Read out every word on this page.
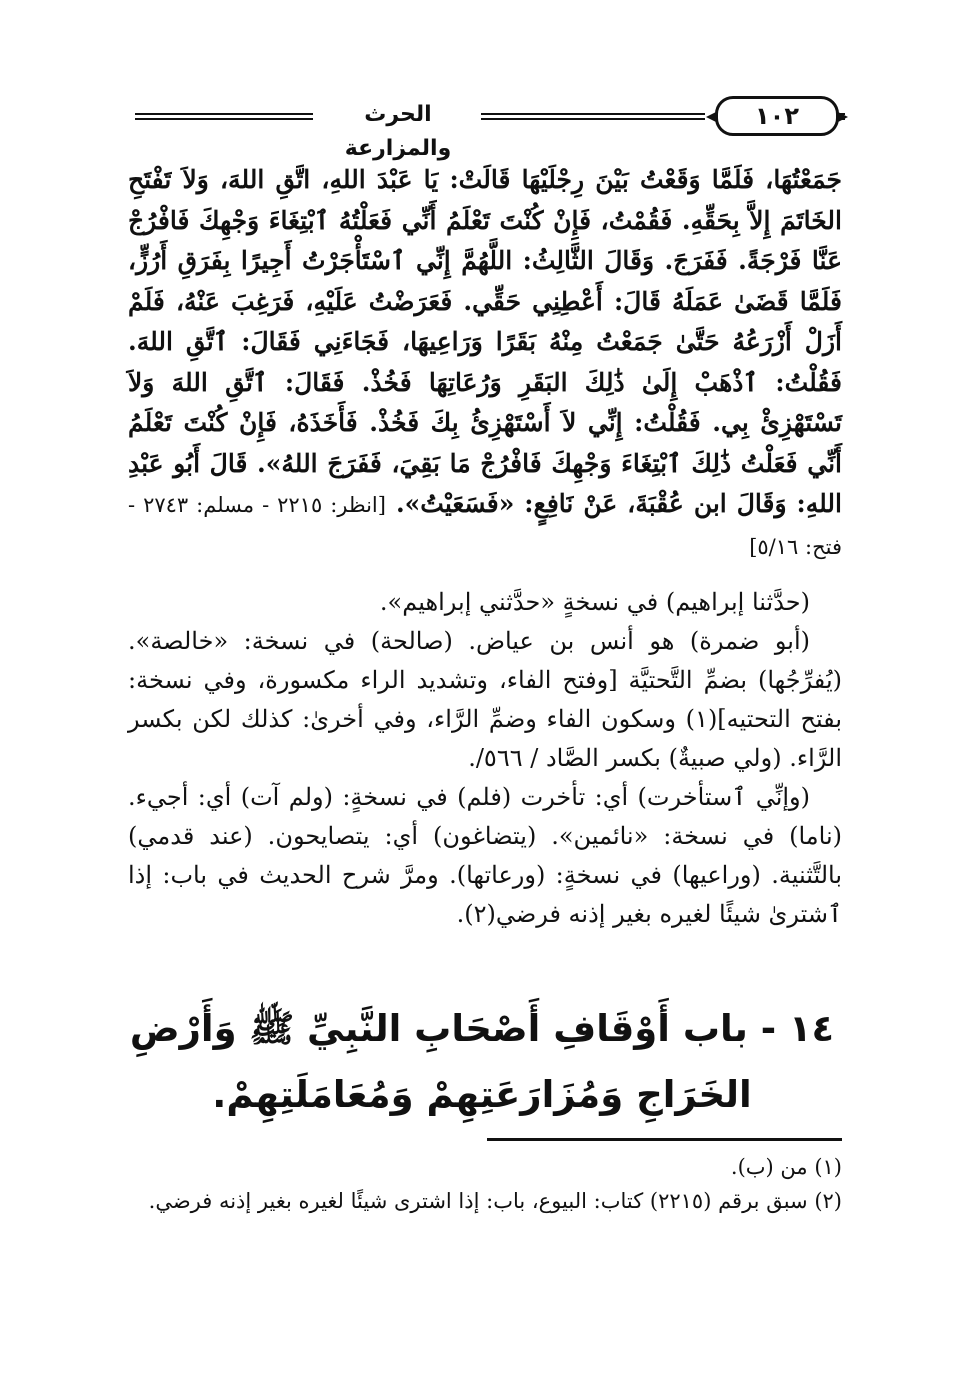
الحرث والمزارعة
١٠٢

جَمَعْتُهَا، فَلَمَّا وَقَعْتُ بَيْنَ رِجْلَيْهَا قَالَتْ: يَا عَبْدَ اللهِ، اتَّقِ اللهَ، وَلاَ تَفْتَحِ الخَاتَمَ إِلاَّ بِحَقِّهِ. فَقُمْتُ، فَإِنْ كُنْتَ تَعْلَمُ أَنِّي فَعَلْتُهُ ٱبْتِغَاءَ وَجْهِكَ فَافْرُجْ عَنَّا فَرْجَةً. فَفَرَجَ. وَقَالَ الثَّالِثُ: اللَّهُمَّ إِنِّي ٱسْتَأْجَرْتُ أَجِيرًا بِفَرَقِ أَرُزٍّ، فَلَمَّا قَضَىٰ عَمَلَهُ قَالَ: أَعْطِنِي حَقِّي. فَعَرَضْتُ عَلَيْهِ، فَرَغِبَ عَنْهُ، فَلَمْ أَزَلْ أَزْرَعُهُ حَتَّىٰ جَمَعْتُ مِنْهُ بَقَرًا وَرَاعِيهَا، فَجَاءَنِي فَقَالَ: ٱتَّقِ اللهَ. فَقُلْتُ: ٱذْهَبْ إِلَىٰ ذَٰلِكَ البَقَرِ وَرُعَاتِهَا فَخُذْ. فَقَالَ: ٱتَّقِ اللهَ وَلاَ تَسْتَهْزِئْ بِي. فَقُلْتُ: إِنِّي لاَ أَسْتَهْزِئُ بِكَ فَخُذْ. فَأَخَذَهُ، فَإِنْ كُنْتَ تَعْلَمُ أَنِّي فَعَلْتُ ذَٰلِكَ ٱبْتِغَاءَ وَجْهِكَ فَافْرُجْ مَا بَقِيَ، فَفَرَجَ اللهُ». قَالَ أَبُو عَبْدِ اللهِ: وَقَالَ ابن عُقْبَةَ، عَنْ نَافِعٍ: «فَسَعَيْتُ». [انظر: ٢٢١٥ - مسلم: ٢٧٤٣ - فتح: ٥/١٦]

(حدَّثنا إبراهيم) في نسخةٍ «حدَّثني إبراهيم».

(أبو ضمرة) هو أنس بن عياض. (صالحة) في نسخة: «خالصة». (يُفرِّجُها) بضمِّ التَّحتيَّة [وفتح الفاء، وتشديد الراء مكسورة، وفي نسخة: بفتح التحتيه](١) وسكون الفاء وضمِّ الرَّاء، وفي أخرىٰ: كذلك لكن بكسر الرَّاء. (ولي صبيةٌ) بكسر الصَّاد / ٥٦٦/.

(وإنِّي ٱستأخرت) أي: تأخرت (فلم) في نسخةٍ: (ولم آت) أي: أجيء. (ناما) في نسخة: «نائمين». (يتضاغون) أي: يتصايحون. (عند قدمي) بالتَّثنية. (وراعيها) في نسخةٍ: (ورعاتها). ومرَّ شرح الحديث في باب: إذا ٱشترىٰ شيئًا لغيره بغير إذنه فرضي(٢).

١٤ - باب أَوْقَافِ أَصْحَابِ النَّبِيِّ ﷺ وَأَرْضِ الخَرَاجِ وَمُزَارَعَتِهِمْ وَمُعَامَلَتِهِمْ.

(١) من (ب).

(٢) سبق برقم (٢٢١٥) كتاب: البيوع، باب: إذا اشترى شيئًا لغيره بغير إذنه فرضي.
